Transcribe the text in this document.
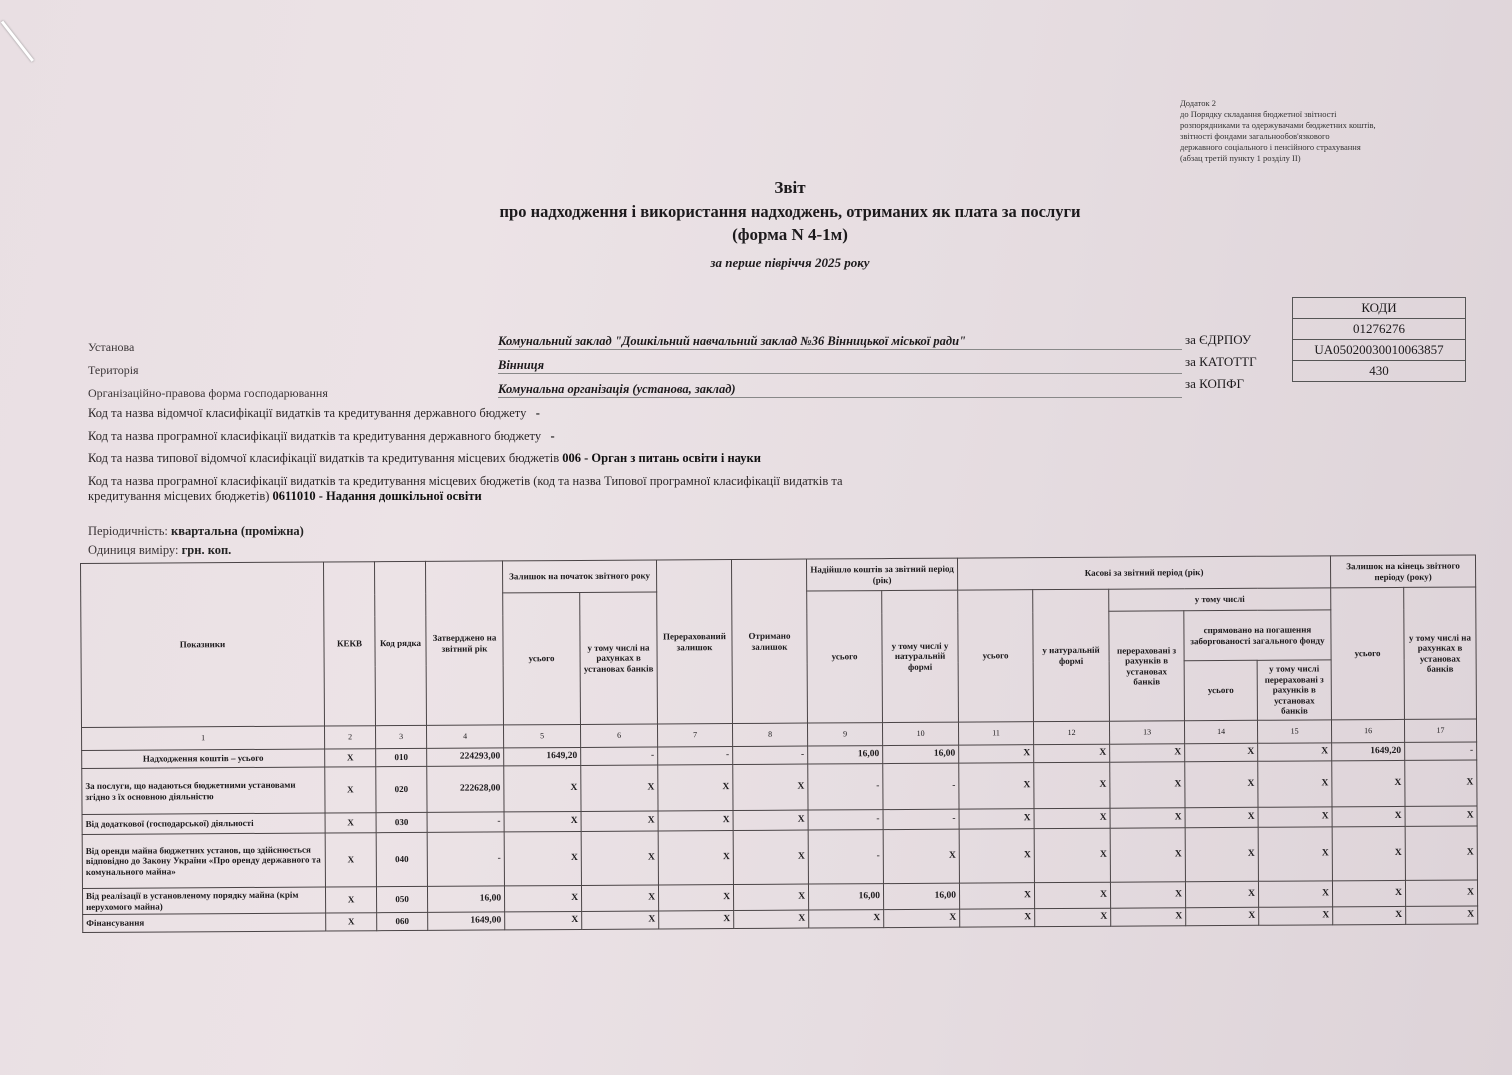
Додаток 2
до Порядку складання бюджетної звітності
розпорядниками та одержувачами бюджетних коштів,
звітності фондами загальнообов'язкового
державного соціального і пенсійного страхування
(абзац третій пункту 1 розділу II)
Звіт
про надходження і використання надходжень, отриманих як плата за послуги
(форма N 4-1м)
за перше півріччя 2025 року
за ЄДРПОУ
за КАТОТТГ
за КОПФГ
КОДИ
01276276
UA05020030010063857
430
Установа	Комунальний заклад "Дошкільний навчальний заклад №36 Вінницької міської ради"
Територія	Вінниця
Організаційно-правова форма господарювання	Комунальна організація (установа, заклад)
Код та назва відомчої класифікації видатків та кредитування державного бюджету -
Код та назва програмної класифікації видатків та кредитування державного бюджету -
Код та назва типової відомчої класифікації видатків та кредитування місцевих бюджетів 006 - Орган з питань освіти і науки
Код та назва програмної класифікації видатків та кредитування місцевих бюджетів (код та назва Типової програмної класифікації видатків та
кредитування місцевих бюджетів) 0611010 - Надання дошкільної освіти
Періодичність: квартальна (проміжна)
Одиниця виміру: грн. коп.
Показники	КЕКВ	Код рядка	Затверджено на звітний рік	Залишок на початок звітного року		Перерахований залишок	Отримано залишок	Надійшло коштів за звітний період (рік)		Касові за звітний період (рік)					Залишок на кінець звітного періоду (року)	
				усього	у тому числі на рахунках в установах банків			усього	у тому числі у натуральній формі	усього	у натуральній формі	у тому числі			усього	у тому числі на рахунках в установах банків
												перераховані з рахунків в установах банків	спрямовано на погашення заборгованості загального фонду			
													усього	у тому числі перераховані з рахунків в установах банків		
1	2	3	4	5	6	7	8	9	10	11	12	13	14	15	16	17
Надходження коштів – усього	X	010	224293,00	1649,20	-	-	-	16,00	16,00	X	X	X	X	X	1649,20	-
За послуги, що надаються бюджетними установами згідно з їх основною діяльністю	X	020	222628,00	X	X	X	X	-	-	X	X	X	X	X	X	X
Від додаткової (господарської) діяльності	X	030	-	X	X	X	X	-	-	X	X	X	X	X	X	X
Від оренди майна бюджетних установ, що здійснюється відповідно до Закону України «Про оренду державного та комунального майна»	X	040	-	X	X	X	X	-	X	X	X	X	X	X	X	X
Від реалізації в установленому порядку майна (крім нерухомого майна)	X	050	16,00	X	X	X	X	16,00	16,00	X	X	X	X	X	X	X
Фінансування	X	060	1649,00	X	X	X	X	X	X	X	X	X	X	X	X	X
